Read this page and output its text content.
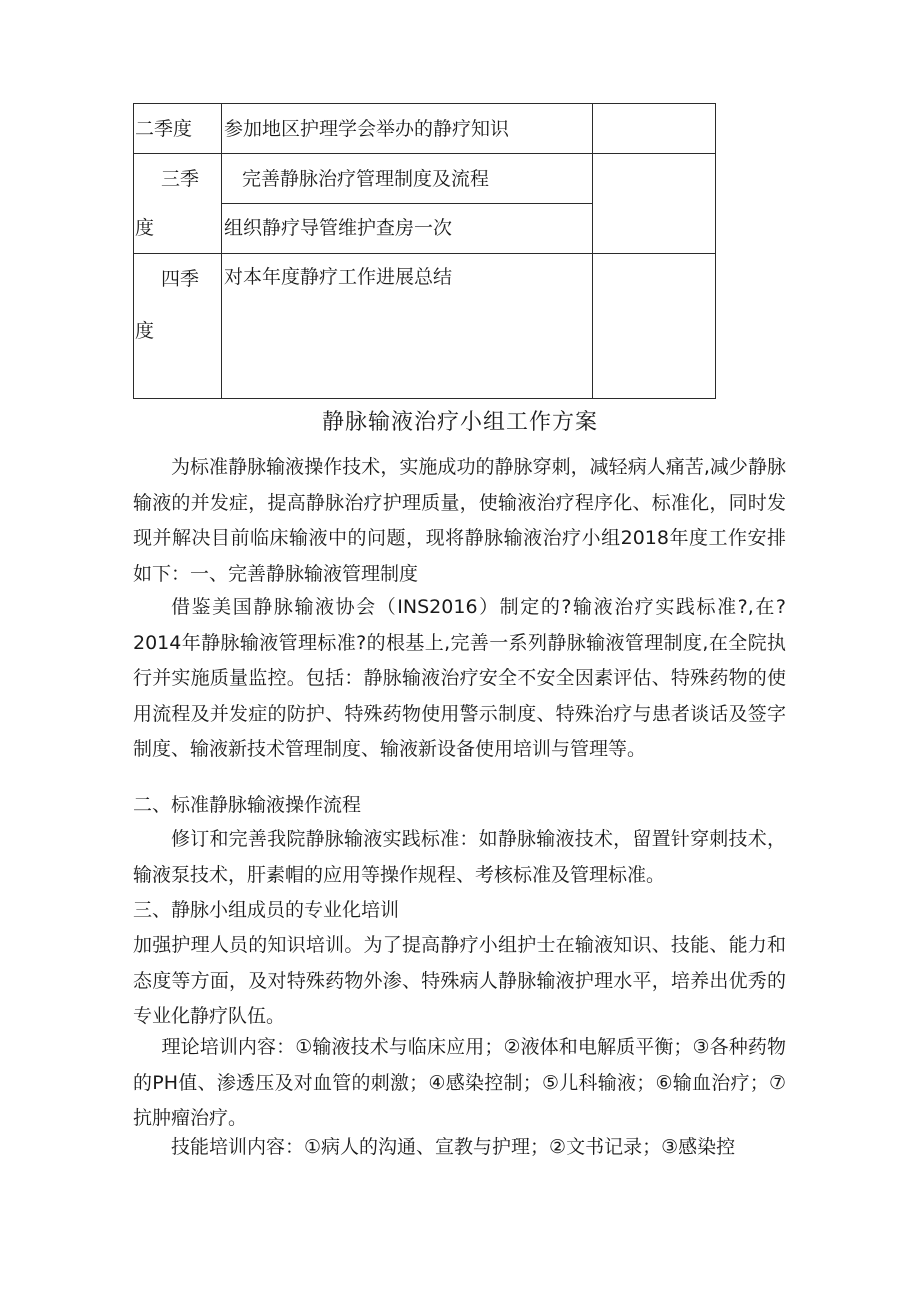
二季度 参加地区护理学会举办的静疗知识
三季
度
完善静脉治疗管理制度及流程
组织静疗导管维护查房一次
四季
度
对本年度静疗工作进展总结
静脉输液治疗小组工作方案

为标准静脉输液操作技术，实施成功的静脉穿刺，减轻病人痛苦,减少静脉输液的并发症，提高静脉治疗护理质量，使输液治疗程序化、标准化，同时发现并解决目前临床输液中的问题，现将静脉输液治疗小组2018年度工作安排如下：一、完善静脉输液管理制度

借鉴美国静脉输液协会（INS2016）制定的?输液治疗实践标准?,在?2014年静脉输液管理标准?的根基上,完善一系列静脉输液管理制度,在全院执行并实施质量监控。包括：静脉输液治疗安全不安全因素评估、特殊药物的使用流程及并发症的防护、特殊药物使用警示制度、特殊治疗与患者谈话及签字制度、输液新技术管理制度、输液新设备使用培训与管理等。

二、标准静脉输液操作流程

修订和完善我院静脉输液实践标准：如静脉输液技术，留置针穿刺技术，输液泵技术，肝素帽的应用等操作规程、考核标准及管理标准。

三、静脉小组成员的专业化培训

加强护理人员的知识培训。为了提高静疗小组护士在输液知识、技能、能力和态度等方面，及对特殊药物外渗、特殊病人静脉输液护理水平，培养出优秀的专业化静疗队伍。

理论培训内容：①输液技术与临床应用；②液体和电解质平衡；③各种药物的PH值、渗透压及对血管的刺激；④感染控制；⑤儿科输液；⑥输血治疗；⑦抗肿瘤治疗。

技能培训内容：①病人的沟通、宣教与护理；②文书记录；③感染控
